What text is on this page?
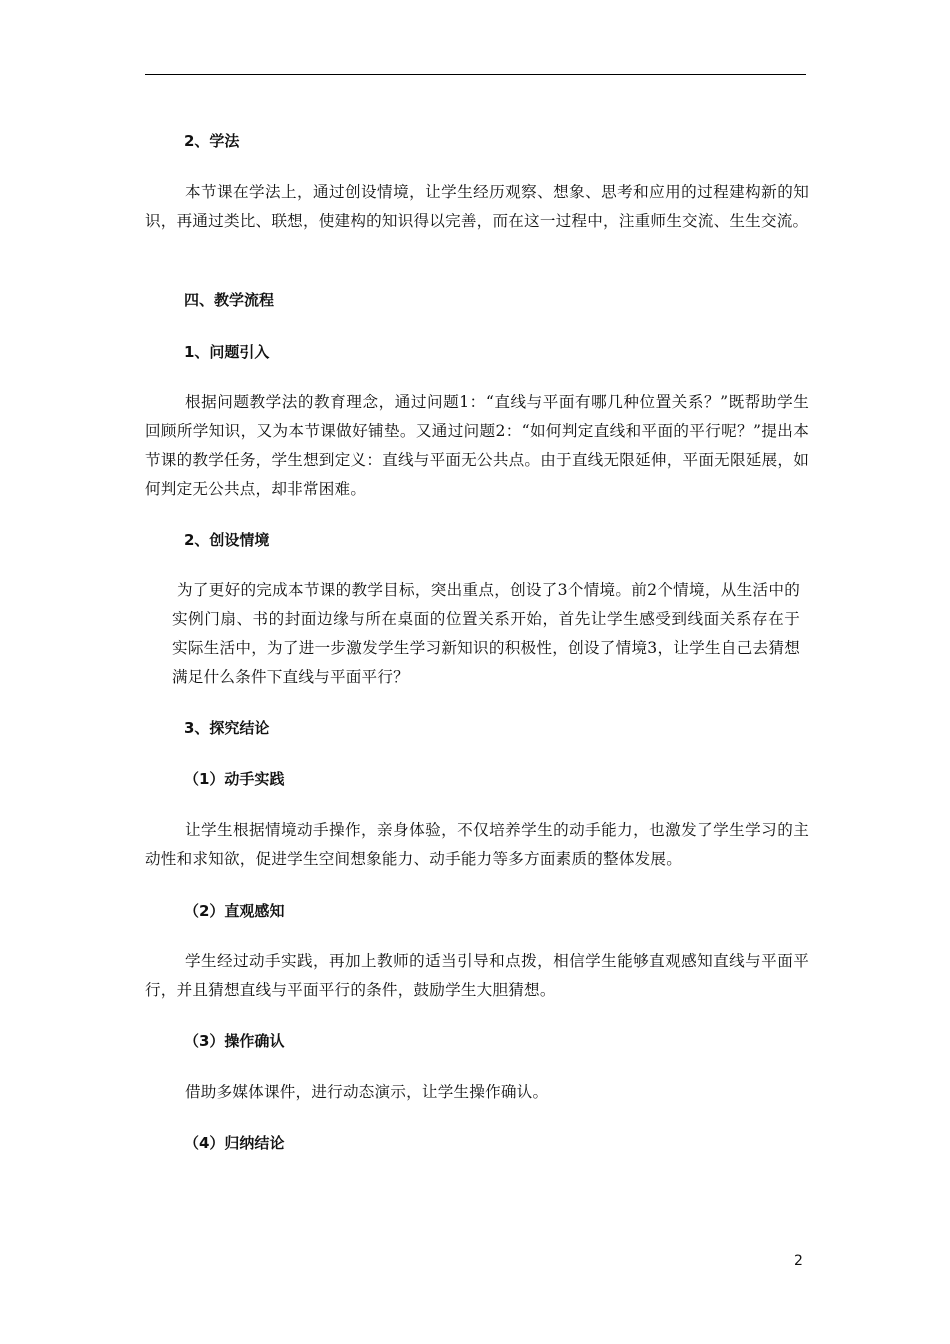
2、学法

本节课在学法上，通过创设情境，让学生经历观察、想象、思考和应用的过程建构新的知识，再通过类比、联想，使建构的知识得以完善，而在这一过程中，注重师生交流、生生交流。

四、教学流程
1、问题引入

根据问题教学法的教育理念，通过问题1：“直线与平面有哪几种位置关系？”既帮助学生回顾所学知识，又为本节课做好铺垫。又通过问题2：“如何判定直线和平面的平行呢？”提出本节课的教学任务，学生想到定义：直线与平面无公共点。由于直线无限延伸，平面无限延展，如何判定无公共点，却非常困难。

2、创设情境

为了更好的完成本节课的教学目标，突出重点，创设了3个情境。前2个情境，从生活中的实例门扇、书的封面边缘与所在桌面的位置关系开始，首先让学生感受到线面关系存在于实际生活中，为了进一步激发学生学习新知识的积极性，创设了情境3，让学生自己去猜想满足什么条件下直线与平面平行？

3、探究结论
（1）动手实践

让学生根据情境动手操作，亲身体验，不仅培养学生的动手能力，也激发了学生学习的主动性和求知欲，促进学生空间想象能力、动手能力等多方面素质的整体发展。

（2）直观感知

学生经过动手实践，再加上教师的适当引导和点拨，相信学生能够直观感知直线与平面平行，并且猜想直线与平面平行的条件，鼓励学生大胆猜想。

（3）操作确认

借助多媒体课件，进行动态演示，让学生操作确认。

（4）归纳结论
2
